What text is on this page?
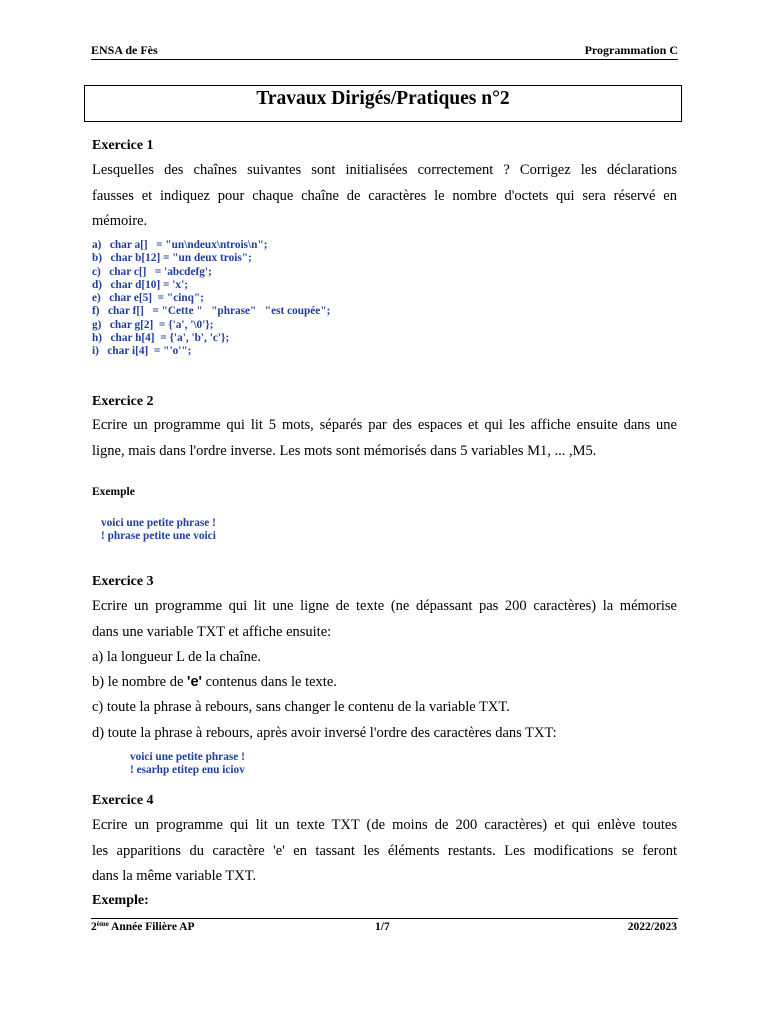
ENSA de Fès	Programmation C
Travaux Dirigés/Pratiques n°2
Exercice 1
Lesquelles des chaînes suivantes sont initialisées correctement ? Corrigez les déclarations
fausses et indiquez pour chaque chaîne de caractères le nombre d'octets qui sera réservé en
mémoire.
a)   char a[]   = "un\ndeux\ntrois\n";
b)   char b[12] = "un deux trois";
c)   char c[]   = 'abcdefg';
d)   char d[10] = 'x';
e)   char e[5]  = "cinq";
f)   char f[]   = "Cette "   "phrase"   "est coupée";
g)   char g[2]  = {'a', '\0'};
h)   char h[4]  = {'a', 'b', 'c'};
i)   char i[4]  = "'o'";
Exercice 2
Ecrire un programme qui lit 5 mots, séparés par des espaces et qui les affiche ensuite dans une
ligne, mais dans l'ordre inverse. Les mots sont mémorisés dans 5 variables M1, ... ,M5.
Exemple
voici une petite phrase !
! phrase petite une voici
Exercice 3
Ecrire un programme qui lit une ligne de texte (ne dépassant pas 200 caractères) la mémorise
dans une variable TXT et affiche ensuite:
a) la longueur L de la chaîne.
b) le nombre de 'e' contenus dans le texte.
c) toute la phrase à rebours, sans changer le contenu de la variable TXT.
d) toute la phrase à rebours, après avoir inversé l'ordre des caractères dans TXT:
voici une petite phrase !
! esarhp etitep enu iciov
Exercice 4
Ecrire un programme qui lit un texte TXT (de moins de 200 caractères) et qui enlève toutes
les apparitions du caractère 'e' en tassant les éléments restants. Les modifications se feront
dans la même variable TXT.
Exemple:
2ème Année Filière AP	1/7	2022/2023
